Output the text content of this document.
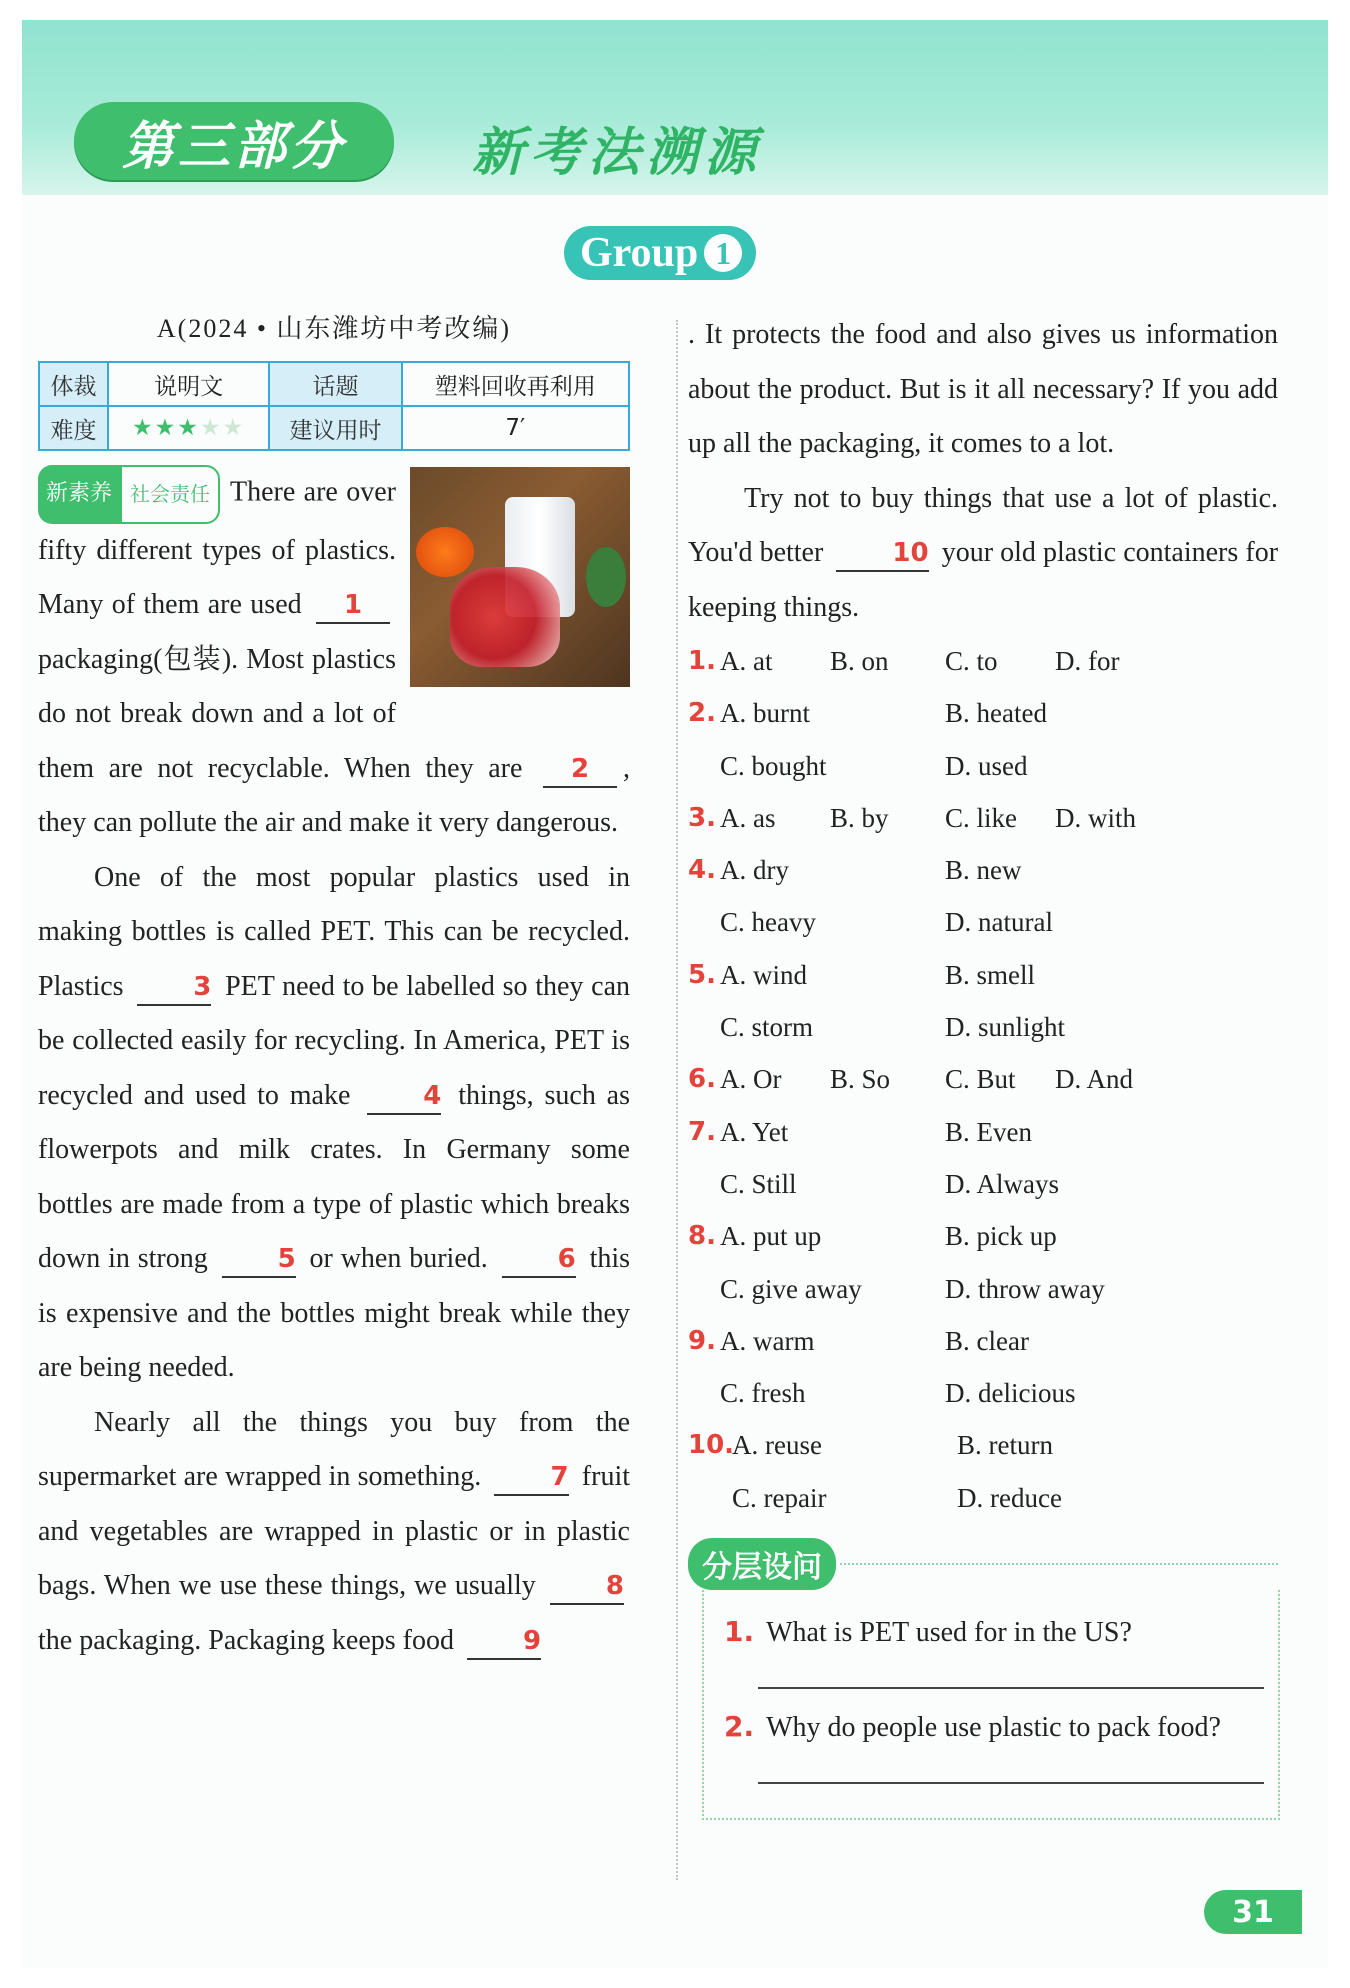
第三部分	新考法溯源
Group 1
A(2024 • 山东潍坊中考改编)
体裁	说明文	话题	塑料回收再利用
难度	★★★★★	建议用时	7′
新素养 社会责任 There are over fifty different types of plastics. Many of them are used 1 packaging(包装). Most plastics do not break down and a lot of them are not recyclable. When they are 2 , they can pollute the air and make it very dangerous.
One of the most popular plastics used in making bottles is called PET. This can be recycled. Plastics	3 PET need to be labelled so they can be collected easily for recycling. In America, PET is recycled and used to make	4 things, such as flowerpots and milk crates. In Germany some bottles are made from a type of plastic which breaks down in strong	5 or when buried.	6 this is expensive and the bottles might break while they are being needed.
Nearly all the things you buy from the supermarket are wrapped in something.	7 fruit and vegetables are wrapped in plastic or in plastic bags. When we use these things, we usually	8 the packaging. Packaging keeps food	9
. It protects the food and also gives us information about the product. But is it all necessary? If you add up all the packaging, it comes to a lot.
Try not to buy things that use a lot of plastic. You'd better	10 your old plastic containers for keeping things.
1. A. at B. on C. to D. for
2. A. burnt	B. heated
C. bought	D. used
3. A. as B. by C. like D. with
4. A. dry	B. new
C. heavy	D. natural
5. A. wind	B. smell
C. storm	D. sunlight
6. A. Or B. So C. But D. And
7. A. Yet	B. Even
C. Still	D. Always
8. A. put up	B. pick up
C. give away	D. throw away
9. A. warm	B. clear
C. fresh	D. delicious
10.
A. reuse	B. return
C. repair	D. reduce
分层设问
1. What is PET used for in the US?
2. Why do people use plastic to pack food?
31
